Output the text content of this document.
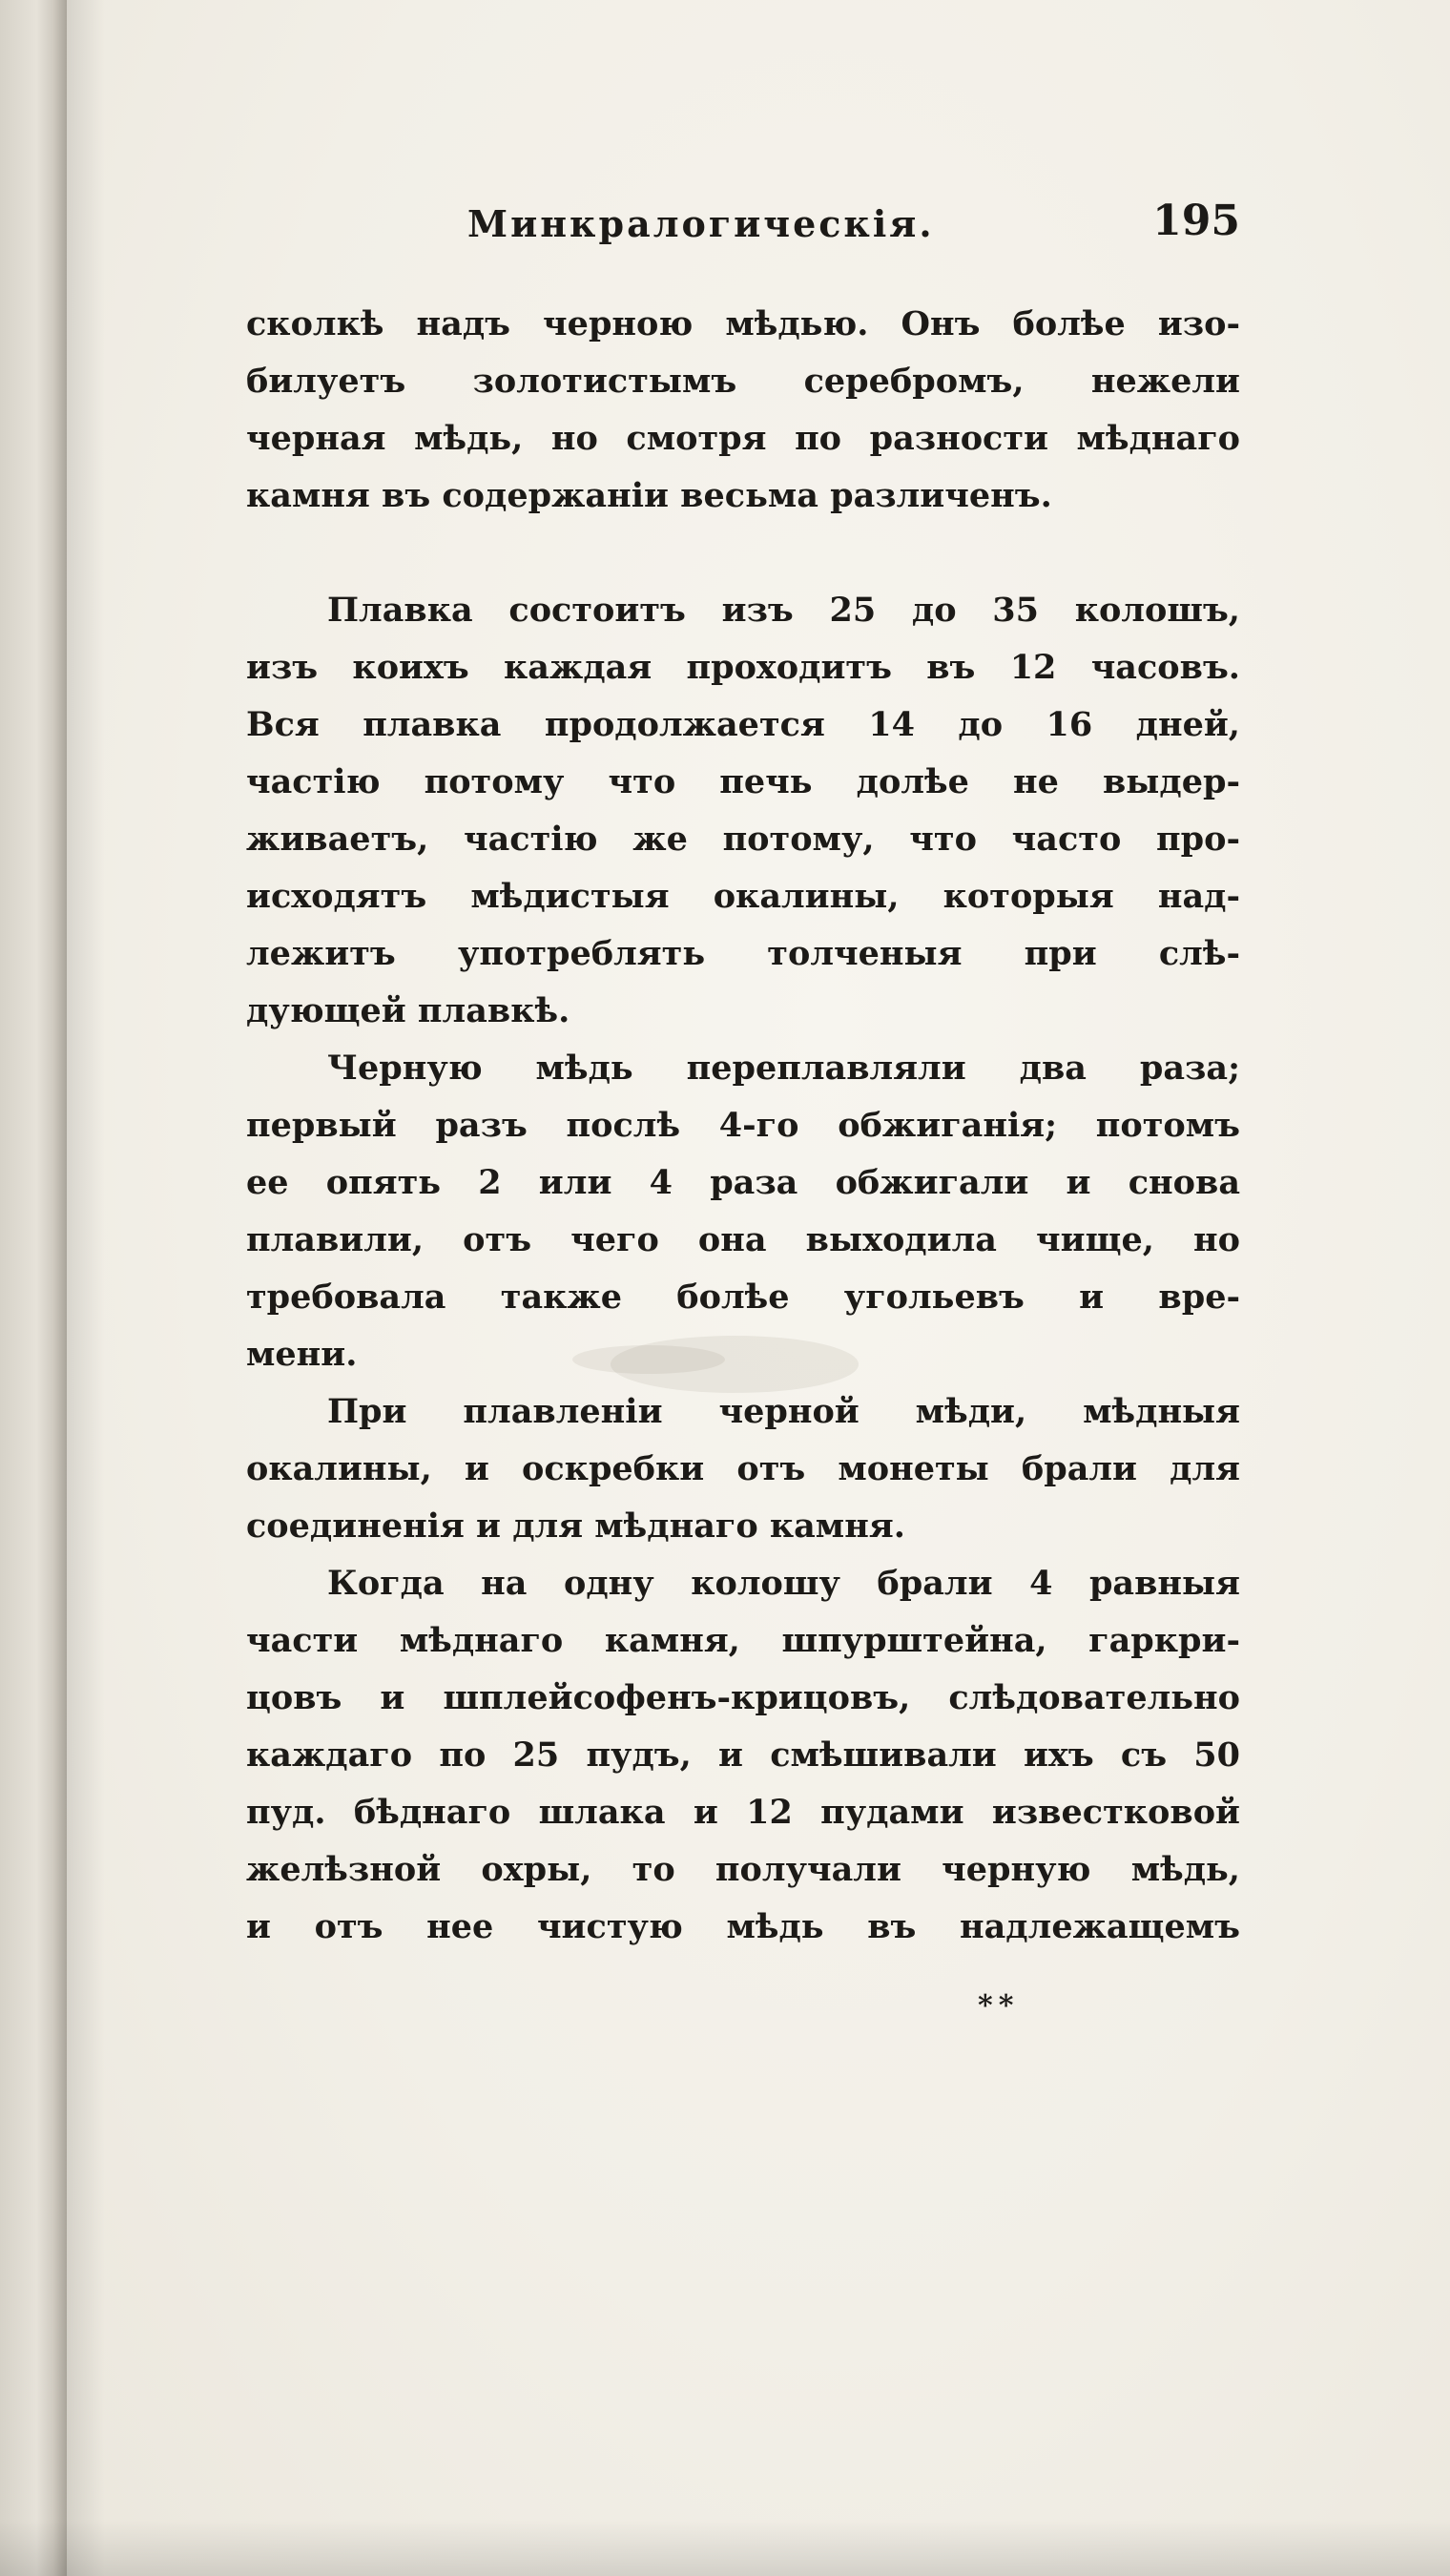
Минкралогическія.	195
сколкѣ надъ черною мѣдью. Онъ болѣе изо-
билуетъ золотистымъ серебромъ, нежели
черная мѣдь, но смотря по разности мѣднаго
камня въ содержаніи весьма различенъ.
Плавка состоитъ изъ 25 до 35 колошъ,
изъ коихъ каждая проходитъ въ 12 часовъ.
Вся плавка продолжается 14 до 16 дней,
частію потому что печь долѣе не выдер-
живаетъ, частію же потому, что часто про-
исходятъ мѣдистыя окалины, которыя над-
лежитъ употреблять толченыя при слѣ-
дующей плавкѣ.
Черную мѣдь переплавляли два раза;
первый разъ послѣ 4-го обжиганія; потомъ
ее опять 2 или 4 раза обжигали и снова
плавили, отъ чего она выходила чище, но
требовала также болѣе угольевъ и вре-
мени.
При плавленіи черной мѣди, мѣдныя
окалины, и оскребки отъ монеты брали для
соединенія и для мѣднаго камня.
Когда на одну колошу брали 4 равныя
части мѣднаго камня, шпурштейна, гаркри-
цовъ и шплейсофенъ-крицовъ, слѣдовательно
каждаго по 25 пудъ, и смѣшивали ихъ съ 50
пуд. бѣднаго шлака и 12 пудами известковой
желѣзной охры, то получали черную мѣдь,
и отъ нее чистую мѣдь въ надлежащемъ
**
